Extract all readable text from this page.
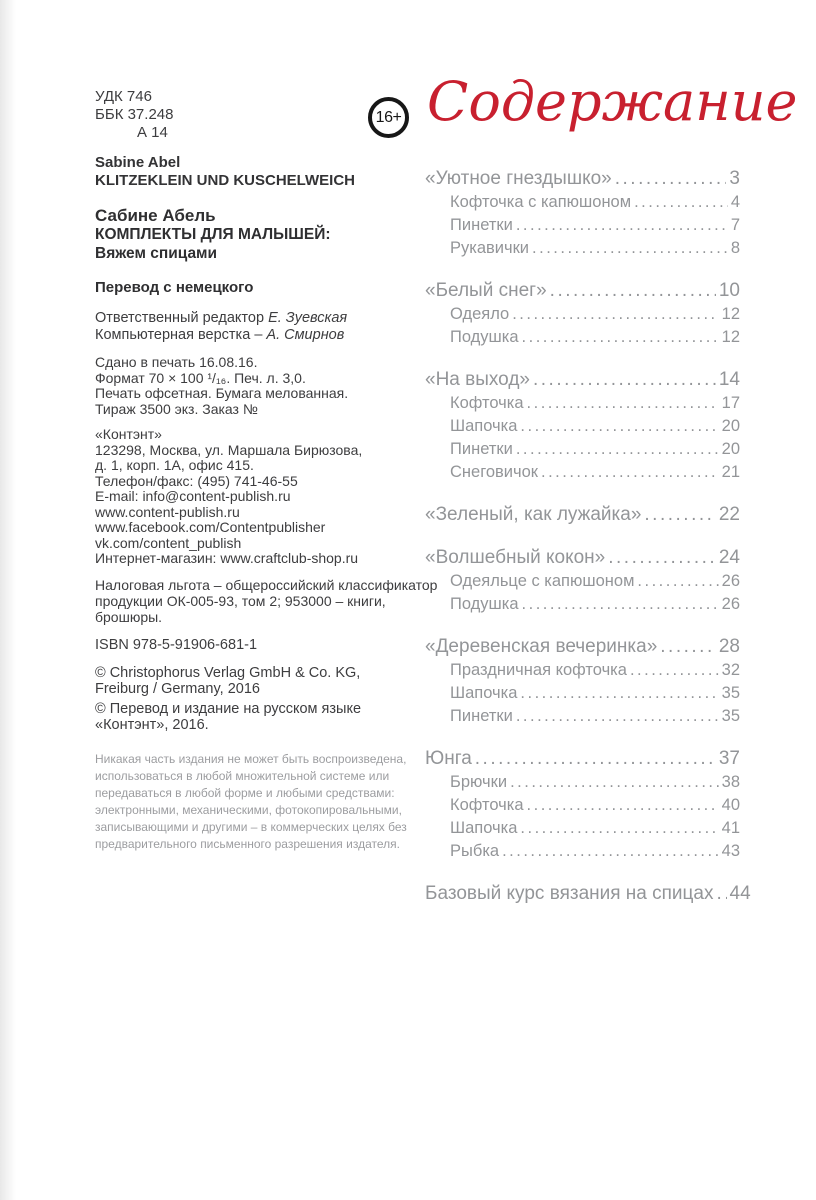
УДК 746
ББК 37.248
А 14
Sabine Abel
KLITZEKLEIN UND KUSCHELWEICH
Сабине Абель
КОМПЛЕКТЫ ДЛЯ МАЛЫШЕЙ:
Вяжем спицами
Перевод с немецкого
Ответственный редактор Е. Зуевская
Компьютерная верстка – А. Смирнов
Сдано в печать 16.08.16.
Формат 70 × 100 ¹/₁₆. Печ. л. 3,0.
Печать офсетная. Бумага мелованная.
Тираж 3500 экз. Заказ №
«Контэнт»
123298, Москва, ул. Маршала Бирюзова,
д. 1, корп. 1А, офис 415.
Телефон/факс: (495) 741-46-55
E-mail: info@content-publish.ru
www.content-publish.ru
www.facebook.com/Contentpublisher
vk.com/content_publish
Интернет-магазин: www.craftclub-shop.ru
Налоговая льгота – общероссийский классификатор
продукции ОК-005-93, том 2; 953000 – книги,
брошюры.
ISBN 978-5-91906-681-1
© Christophorus Verlag GmbH & Co. KG,
Freiburg / Germany, 2016
© Перевод и издание на русском языке
«Контэнт», 2016.
Никакая часть издания не может быть воспроизведена, использоваться в любой множительной системе или передаваться в любой форме и любыми средствами: электронными, механическими, фотокопировальными, записывающими и другими – в коммерческих целях без предварительного письменного разрешения издателя.
16+ Содержание
«Уютное гнездышко» .....	3
Кофточка с капюшоном .....	4
Пинетки .....	7
Рукавички .....	8
«Белый снег» .....	10
Одеяло .....	12
Подушка .....	12
«На выход» .....	14
Кофточка .....	17
Шапочка .....	20
Пинетки .....	20
Снеговичок .....	21
«Зеленый, как лужайка» .....	22
«Волшебный кокон» .....	24
Одеяльце с капюшоном .....	26
Подушка .....	26
«Деревенская вечеринка» .....	28
Праздничная кофточка .....	32
Шапочка .....	35
Пинетки .....	35
Юнга .....	37
Брючки .....	38
Кофточка .....	40
Шапочка .....	41
Рыбка .....	43
Базовый курс вязания на спицах ..... 44
